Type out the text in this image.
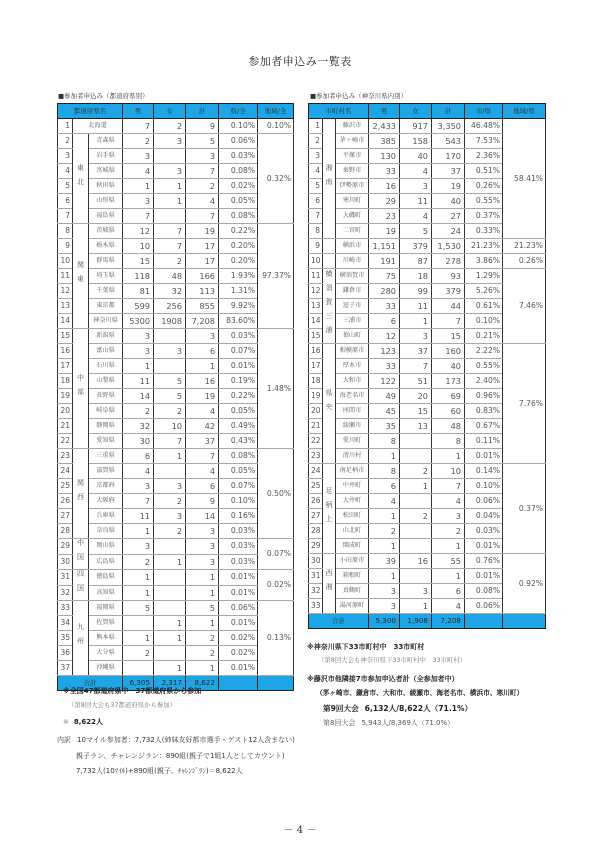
参加者申込み一覧表
■参加者申込み（都道府県別）
都道府県名			男	女	計	県/全	地域/全
1	北海道		7	2	9	0.10%	0.10%
2	東北	青森県	2	3	5	0.06%	0.32%
3		岩手県	3		3	0.03%	
4		宮城県	4	3	7	0.08%	
5		秋田県	1	1	2	0.02%	
6		山形県	3	1	4	0.05%	
7		福島県	7		7	0.08%	
8	関東	茨城県	12	7	19	0.22%	97.37%
9		栃木県	10	7	17	0.20%	
10		群馬県	15	2	17	0.20%	
11		埼玉県	118	48	166	1.93%	
12		千葉県	81	32	113	1.31%	
13		東京都	599	256	855	9.92%	
14		神奈川県	5300	1908	7,208	83.60%	
15	中部	新潟県	3		3	0.03%	1.48%
16		富山県	3	3	6	0.07%	
17		石川県	1		1	0.01%	
18		山梨県	11	5	16	0.19%	
19		長野県	14	5	19	0.22%	
20		岐阜県	2	2	4	0.05%	
21		静岡県	32	10	42	0.49%	
22		愛知県	30	7	37	0.43%	
23	関西	三重県	6	1	7	0.08%	0.50%
24		滋賀県	4		4	0.05%	
25		京都府	3	3	6	0.07%	
26		大阪府	7	2	9	0.10%	
27		兵庫県	11	3	14	0.16%	
28		奈良県	1	2	3	0.03%	
29	中国	岡山県	3		3	0.03%	0.07%
30		広島県	2	1	3	0.03%	
31	四国	徳島県	1		1	0.01%	0.02%
32		高知県	1		1	0.01%	
33	九州	福岡県	5		5	0.06%	0.13%
34		佐賀県		1	1	0.01%	
35		熊本県	1	1	2	0.02%	
36		大分県	2		2	0.02%	
37		沖縄県		1	1	0.01%	
合計			6,305	2,317	8,622		
■参加者申込み（神奈川県内別）
市町村名			男	女	計	市/県	地域/県
1	湘南	藤沢市	2,433	917	3,350	46.48%	58.41%
2		茅ヶ崎市	385	158	543	7.53%	
3		平塚市	130	40	170	2.36%	
4		秦野市	33	4	37	0.51%	
5		伊勢原市	16	3	19	0.26%	
6		寒川町	29	11	40	0.55%	
7		大磯町	23	4	27	0.37%	
8		二宮町	19	5	24	0.33%	
9		横浜市	1,151	379	1,530	21.23%	21.23%
10		川崎市	191	87	278	3.86%	0.26%
11	横須賀三浦	横須賀市	75	18	93	1.29%	7.46%
12		鎌倉市	280	99	379	5.26%	
13		逗子市	33	11	44	0.61%	
14		三浦市	6	1	7	0.10%	
15		葉山町	12	3	15	0.21%	
16	県央	相模原市	123	37	160	2.22%	7.76%
17		厚木市	33	7	40	0.55%	
18		大和市	122	51	173	2.40%	
19		海老名市	49	20	69	0.96%	
20		座間市	45	15	60	0.83%	
21		綾瀬市	35	13	48	0.67%	
22		愛川町	8		8	0.11%	
23		清川村	1		1	0.01%	
24	足柄上	南足柄市	8	2	10	0.14%	0.37%
25		中井町	6	1	7	0.10%	
26		大井町	4		4	0.06%	
27		松田町	1	2	3	0.04%	
28		山北町	2		2	0.03%	
29		開成町	1		1	0.01%	
30	西湘	小田原市	39	16	55	0.76%	0.92%
31		箱根町	1		1	0.01%	
32		真鶴町	3	3	6	0.08%	
33		湯河原町	3	1	4	0.06%	
合計			5,300	1,908	7,208		
※全国47都道府県中　37都道府県から参加
（第8回大会も37都道府県から参加）
※ 8,622人
内訳 10マイル参加者：7,732人(姉妹友好都市選手・ゲスト12人含まない)
親子ラン、チャレンジラン：890組(親子で1組1人としてカウント)
7,732人(10ﾏｲﾙ)+890組(親子、ﾁｬﾚﾝｼﾞﾗﾝ)＝8,622人
※神奈川県下33市町村中　33市町村
（第8回大会も神奈川県下33市町村中　33市町村）
※藤沢市他隣接7市参加申込者計（全参加者中）
（茅ヶ崎市、鎌倉市、大和市、綾瀬市、海老名市、横浜市、寒川町）
第9回大会 6,132人/8,622人（71.1%）
第8回大会 5,943人/8,369人（71.0%）
－ 4 －
